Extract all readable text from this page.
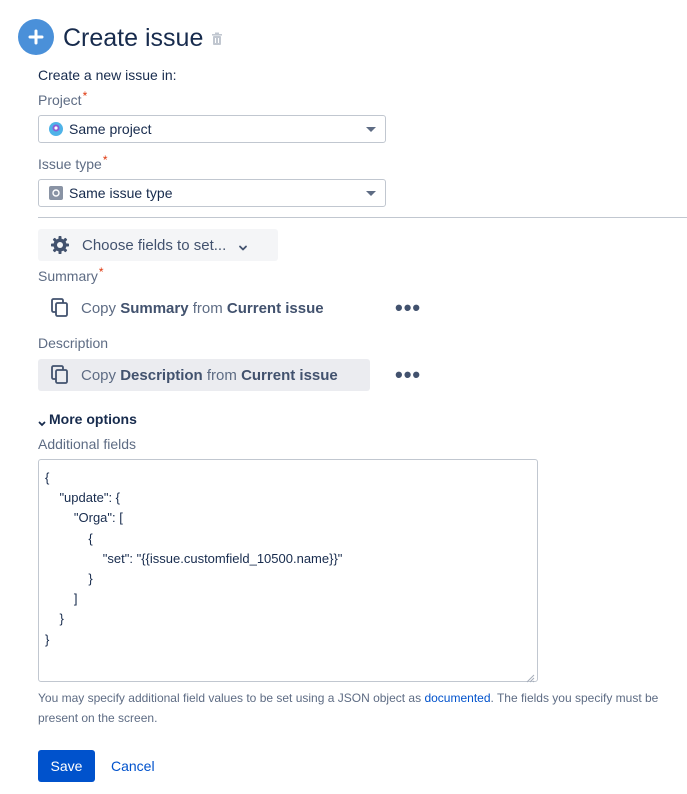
Create issue
Create a new issue in:
Project*
Same project
Issue type*
Same issue type
Choose fields to set...
Summary*
Copy
Summary
from
Current issue	•••
Description
Copy
Description
from
Current issue	•••
More options
Additional fields
{
"update": {
"Orga": [
{
"set": "{{issue.customfield_10500.name}}"
}
]
}
}
You may specify additional field values to be set using a JSON object as documented. The fields you specify must be present on the screen.
Save	Cancel
